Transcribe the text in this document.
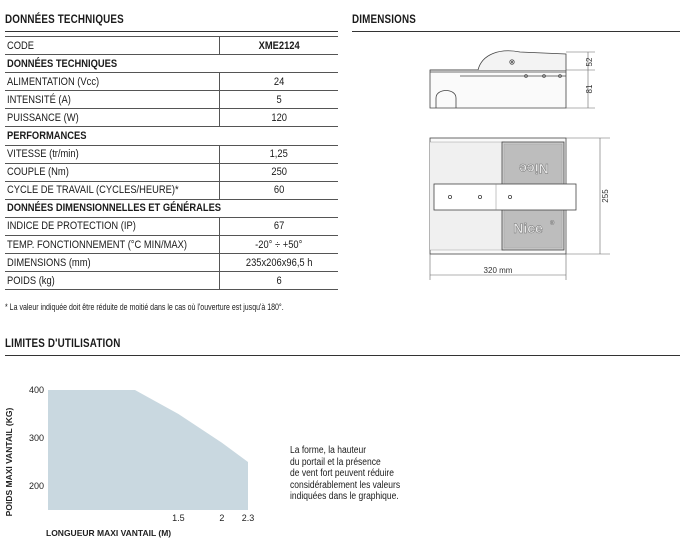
DONNÉES TECHNIQUES
CODE	XME2124
DONNÉES TECHNIQUES	
ALIMENTATION (Vcc)	24
INTENSITÉ (A)	5
PUISSANCE (W)	120
PERFORMANCES	
VITESSE (tr/min)	1,25
COUPLE (Nm)	250
CYCLE DE TRAVAIL (CYCLES/HEURE)*	60
DONNÉES DIMENSIONNELLES ET GÉNÉRALES	
INDICE DE PROTECTION (IP)	67
TEMP. FONCTIONNEMENT (°C MIN/MAX)	-20° ÷ +50°
DIMENSIONS (mm)	235x206x96,5 h
POIDS (kg)	6
* La valeur indiquée doit être réduite de moitié dans le cas où l'ouverture est jusqu'à 180°.
DIMENSIONS
52
81
Nice
Nice ®
255
320 mm
LIMITES D'UTILISATION
200
300
400
1.5	2 2.3
POIDS MAXI VANTAIL (KG)
LONGUEUR MAXI VANTAIL (M)
La forme, la hauteur
du portail et la présence
de vent fort peuvent réduire
considérablement les valeurs
indiquées dans le graphique.
